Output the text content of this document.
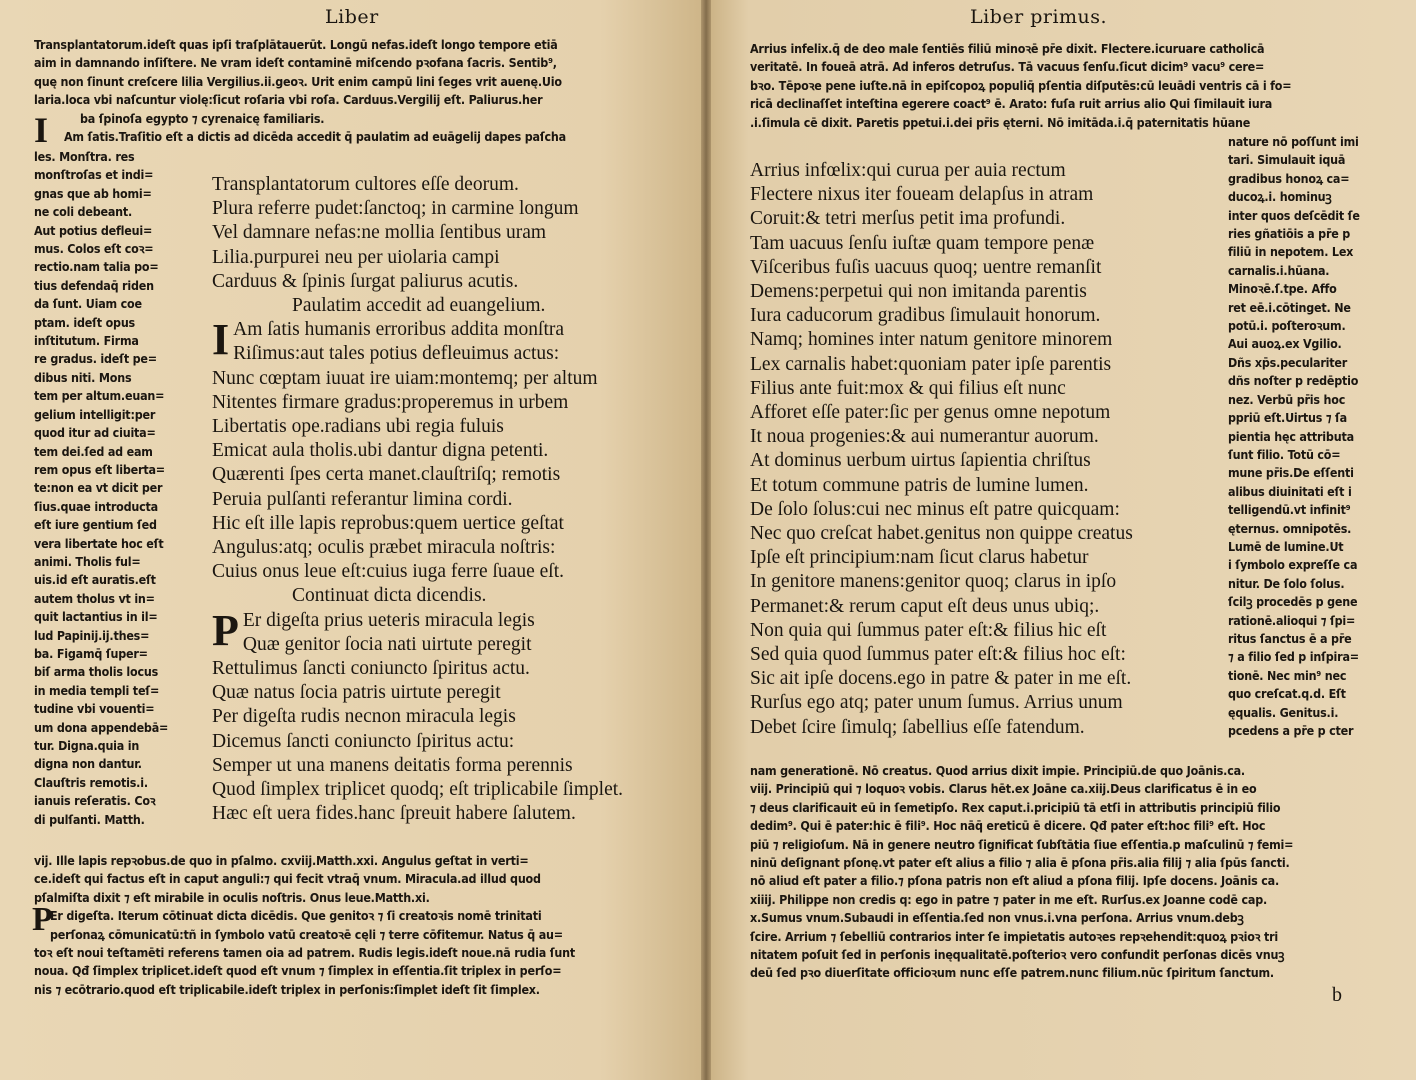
Liber
Transplantatorum.ideſt quas ipſi traſplātauerūt. Longū nefas.ideſt longo tempore etiā
aim in damnando inſiſtere. Ne vram ideſt contaminē miſcendo pꝛofana ſacris. Sentib⁹,
quę non ſinunt creſcere lilia Vergilius.ii.geoꝛ. Urit enim campū lini ſeges vrit auenę.Uio
laria.loca vbi naſcuntur violę:ſicut roſaria vbi roſa. Carduus.Vergilij eſt. Paliurus.her
ba ſpinoſa egypto ⁊ cyrenaicę familiaris.
I Am ſatis.Traſitio eſt a dictis ad dicēda accedit q̄ paulatim ad euāgelij dapes paſcha
les. Monſtra. res
monſtroſas et indi=
gnas que ab homi=
ne coli debeant.
Aut potius defleui=
mus. Colos eſt coꝛ=
rectio.nam talia po=
tius defendaq̄ riden
da ſunt. Uiam coe
ptam. ideſt opus
inſtitutum. Firma
re gradus. ideſt pe=
dibus niti. Mons
tem per altum.euan=
gelium intelligit:per
quod itur ad ciuita=
tem dei.ſed ad eam
rem opus eſt liberta=
te:non ea vt dicit per
ſius.quae introducta
eſt iure gentium ſed
vera libertate hoc eſt
animi. Tholis ful=
uis.id eſt auratis.eſt
autem tholus vt in=
quit lactantius in il=
lud Papinij.ij.thes=
ba. Figamq̄ ſuper=
biſ arma tholis locus
in media templi teſ=
tudine vbi vouenti=
um dona appendebā=
tur. Digna.quia in
digna non dantur.
Clauſtris remotis.i.
ianuis reſeratis. Coꝛ
di pulſanti. Matth.
Transplantatorum cultores eſſe deorum.
Plura referre pudet:ſanctoq; in carmine longum
Vel damnare nefas:ne mollia ſentibus uram
Lilia.purpurei neu per uiolaria campi
Carduus & ſpinis ſurgat paliurus acutis.
Paulatim accedit ad euangelium.
I Am ſatis humanis erroribus addita monſtra
Riſimus:aut tales potius defleuimus actus:
Nunc cœptam iuuat ire uiam:montemq; per altum
Nitentes firmare gradus:properemus in urbem
Libertatis ope.radians ubi regia fuluis
Emicat aula tholis.ubi dantur digna petenti.
Quærenti ſpes certa manet.clauſtriſq; remotis
Peruia pulſanti referantur limina cordi.
Hic eſt ille lapis reprobus:quem uertice geſtat
Angulus:atq; oculis præbet miracula noſtris:
Cuius onus leue eſt:cuius iuga ferre ſuaue eſt.
Continuat dicta dicendis.
P Er digeſta prius ueteris miracula legis
Quæ genitor ſocia nati uirtute peregit
Rettulimus ſancti coniuncto ſpiritus actu.
Quæ natus ſocia patris uirtute peregit
Per digeſta rudis necnon miracula legis
Dicemus ſancti coniuncto ſpiritus actu:
Semper ut una manens deitatis forma perennis
Quod ſimplex triplicet quodq; eſt triplicabile ſimplet.
Hæc eſt uera fides.hanc ſpreuit habere ſalutem.
vij. Ille lapis repꝛobus.de quo in pſalmo. cxviij.Matth.xxi. Angulus geſtat in verti=
ce.ideſt qui factus eſt in caput anguli:⁊ qui fecit vtraq̄ vnum. Miracula.ad illud quod
pſalmiſta dixit ⁊ eſt mirabile in oculis noſtris. Onus leue.Matth.xi.
P
Er digeſta. Iterum cōtinuat dicta dicēdis. Que genitoꝛ ⁊ ſi creatoꝛis nomē trinitati
perſonaꝝ cōmunicatū:tñ in ſymbolo vatū creatoꝛē cęli ⁊ terre cōfitemur. Natus q̄ au=
toꝛ eſt noui teſtamēti referens tamen oia ad patrem. Rudis legis.ideſt noue.nā rudia ſunt
noua. Qđ ſimplex triplicet.ideſt quod eſt vnum ⁊ ſimplex in eſſentia.ſit triplex in perſo=
nis ⁊ ecōtrario.quod eſt triplicabile.ideſt triplex in perſonis:ſimplet ideſt ſit ſimplex.
Liber primus.
Arrius infelix.q̄ de deo male ſentiēs filiū minoꝛē pr̄e dixit. Flectere.icuruare catholicā
veritatē. In foueā atrā. Ad inferos detruſus. Tā vacuus ſenſu.ſicut dicim⁹ vacu⁹ cere=
bꝛo. Tēpoꝛe pene iuſte.nā in epiſcopoꝝ populiq̄ pſentia diſputēs:cū leuādi ventris cā i fo=
ricā declinaſſet inteſtina egerere coact⁹ ē. Arato: fuſa ruit arrius alio Qui ſimilauit iura
.i.ſimula cē dixit. Paretis ppetui.i.dei pr̄is ęterni. Nō imitāda.i.q̄ paternitatis hūane
Arrius infœlix:qui curua per auia rectum
Flectere nixus iter foueam delapſus in atram
Coruit:& tetri merſus petit ima profundi.
Tam uacuus ſenſu iuſtæ quam tempore penæ
Viſceribus fuſis uacuus quoq; uentre remanſit
Demens:perpetui qui non imitanda parentis
Iura caducorum gradibus ſimulauit honorum.
Namq; homines inter natum genitore minorem
Lex carnalis habet:quoniam pater ipſe parentis
Filius ante fuit:mox & qui filius eſt nunc
Afforet eſſe pater:ſic per genus omne nepotum
It noua progenies:& aui numerantur auorum.
At dominus uerbum uirtus ſapientia chriſtus
Et totum commune patris de lumine lumen.
De ſolo ſolus:cui nec minus eſt patre quicquam:
Nec quo creſcat habet.genitus non quippe creatus
Ipſe eſt principium:nam ſicut clarus habetur
In genitore manens:genitor quoq; clarus in ipſo
Permanet:& rerum caput eſt deus unus ubiq;.
Non quia qui ſummus pater eſt:& filius hic eſt
Sed quia quod ſummus pater eſt:& filius hoc eſt:
Sic ait ipſe docens.ego in patre & pater in me eſt.
Rurſus ego atq; pater unum ſumus. Arrius unum
Debet ſcire ſimulq; ſabellius eſſe fatendum.
nature nō poſſunt imi
tari. Simulauit iquā
gradibus honoꝝ ca=
ducoꝝ.i. hominuꝫ
inter quos deſcēdit ſe
ries gñatiōis a pr̄e p
filiū in nepotem. Lex
carnalis.i.hūana.
Minoꝛē.ſ.tpe. Affo
ret eē.i.cōtinget. Ne
potū.i. poſteroꝛum.
Aui auoꝝ.ex Vgilio.
Dñs xp̄s.peculariter
dñs noſter p redēptio
nez. Verbū pr̄is hoc
ppriū eſt.Uirtus ⁊ ſa
pientia hęc attributa
ſunt filio. Totū cō=
mune pr̄is.De eſſenti
alibus diuinitati eſt i
telligendū.vt infinit⁹
ęternus. omnipotēs.
Lumē de lumine.Ut
i ſymbolo expreſſe ca
nitur. De ſolo ſolus.
ſcilꝫ procedēs p gene
rationē.alioqui ⁊ ſpi=
ritus ſanctus ē a pr̄e
⁊ a filio ſed p inſpira=
tionē. Nec min⁹ nec
quo creſcat.q.d. Eſt
ęqualis. Genitus.i.
pcedens a pr̄e p cter
nam generationē. Nō creatus. Quod arrius dixit impie. Principiū.de quo Joānis.ca.
viij. Principiū qui ⁊ loquoꝛ vobis. Clarus hēt.ex Joāne ca.xiij.Deus clarificatus ē in eo
⁊ deus clarificauit eū in ſemetipſo. Rex caput.i.pricipiū tā etſi in attributis principiū filio
dedim⁹. Qui ē pater:hic ē fili⁹. Hoc nāq̄ ereticū ē dicere. Qđ pater eſt:hoc fili⁹ eſt. Hoc
piū ⁊ religioſum. Nā in genere neutro ſignificat ſubſtātia ſiue eſſentia.p maſculinū ⁊ femi=
ninū deſignant pſonę.vt pater eſt alius a filio ⁊ alia ē pſona pr̄is.alia filij ⁊ alia ſpūs ſancti.
nō aliud eſt pater a filio.⁊ pſona patris non eſt aliud a pſona filij. Ipſe docens. Joānis ca.
xiiij. Philippe non credis q: ego in patre ⁊ pater in me eſt. Rurſus.ex Joanne codē cap.
x.Sumus vnum.Subaudi in eſſentia.ſed non vnus.i.vna perſona. Arrius vnum.debꝫ
ſcire. Arrium ⁊ ſebelliū contrarios inter ſe impietatis autoꝛes repꝛehendit:quoꝝ pꝛioꝛ tri
nitatem poſuit ſed in perſonis inęqualitatē.poſterioꝛ vero confundit perſonas dicēs vnuꝫ
deū ſed pꝛo diuerſitate officioꝛum nunc eſſe patrem.nunc filium.nūc ſpiritum ſanctum.
b
